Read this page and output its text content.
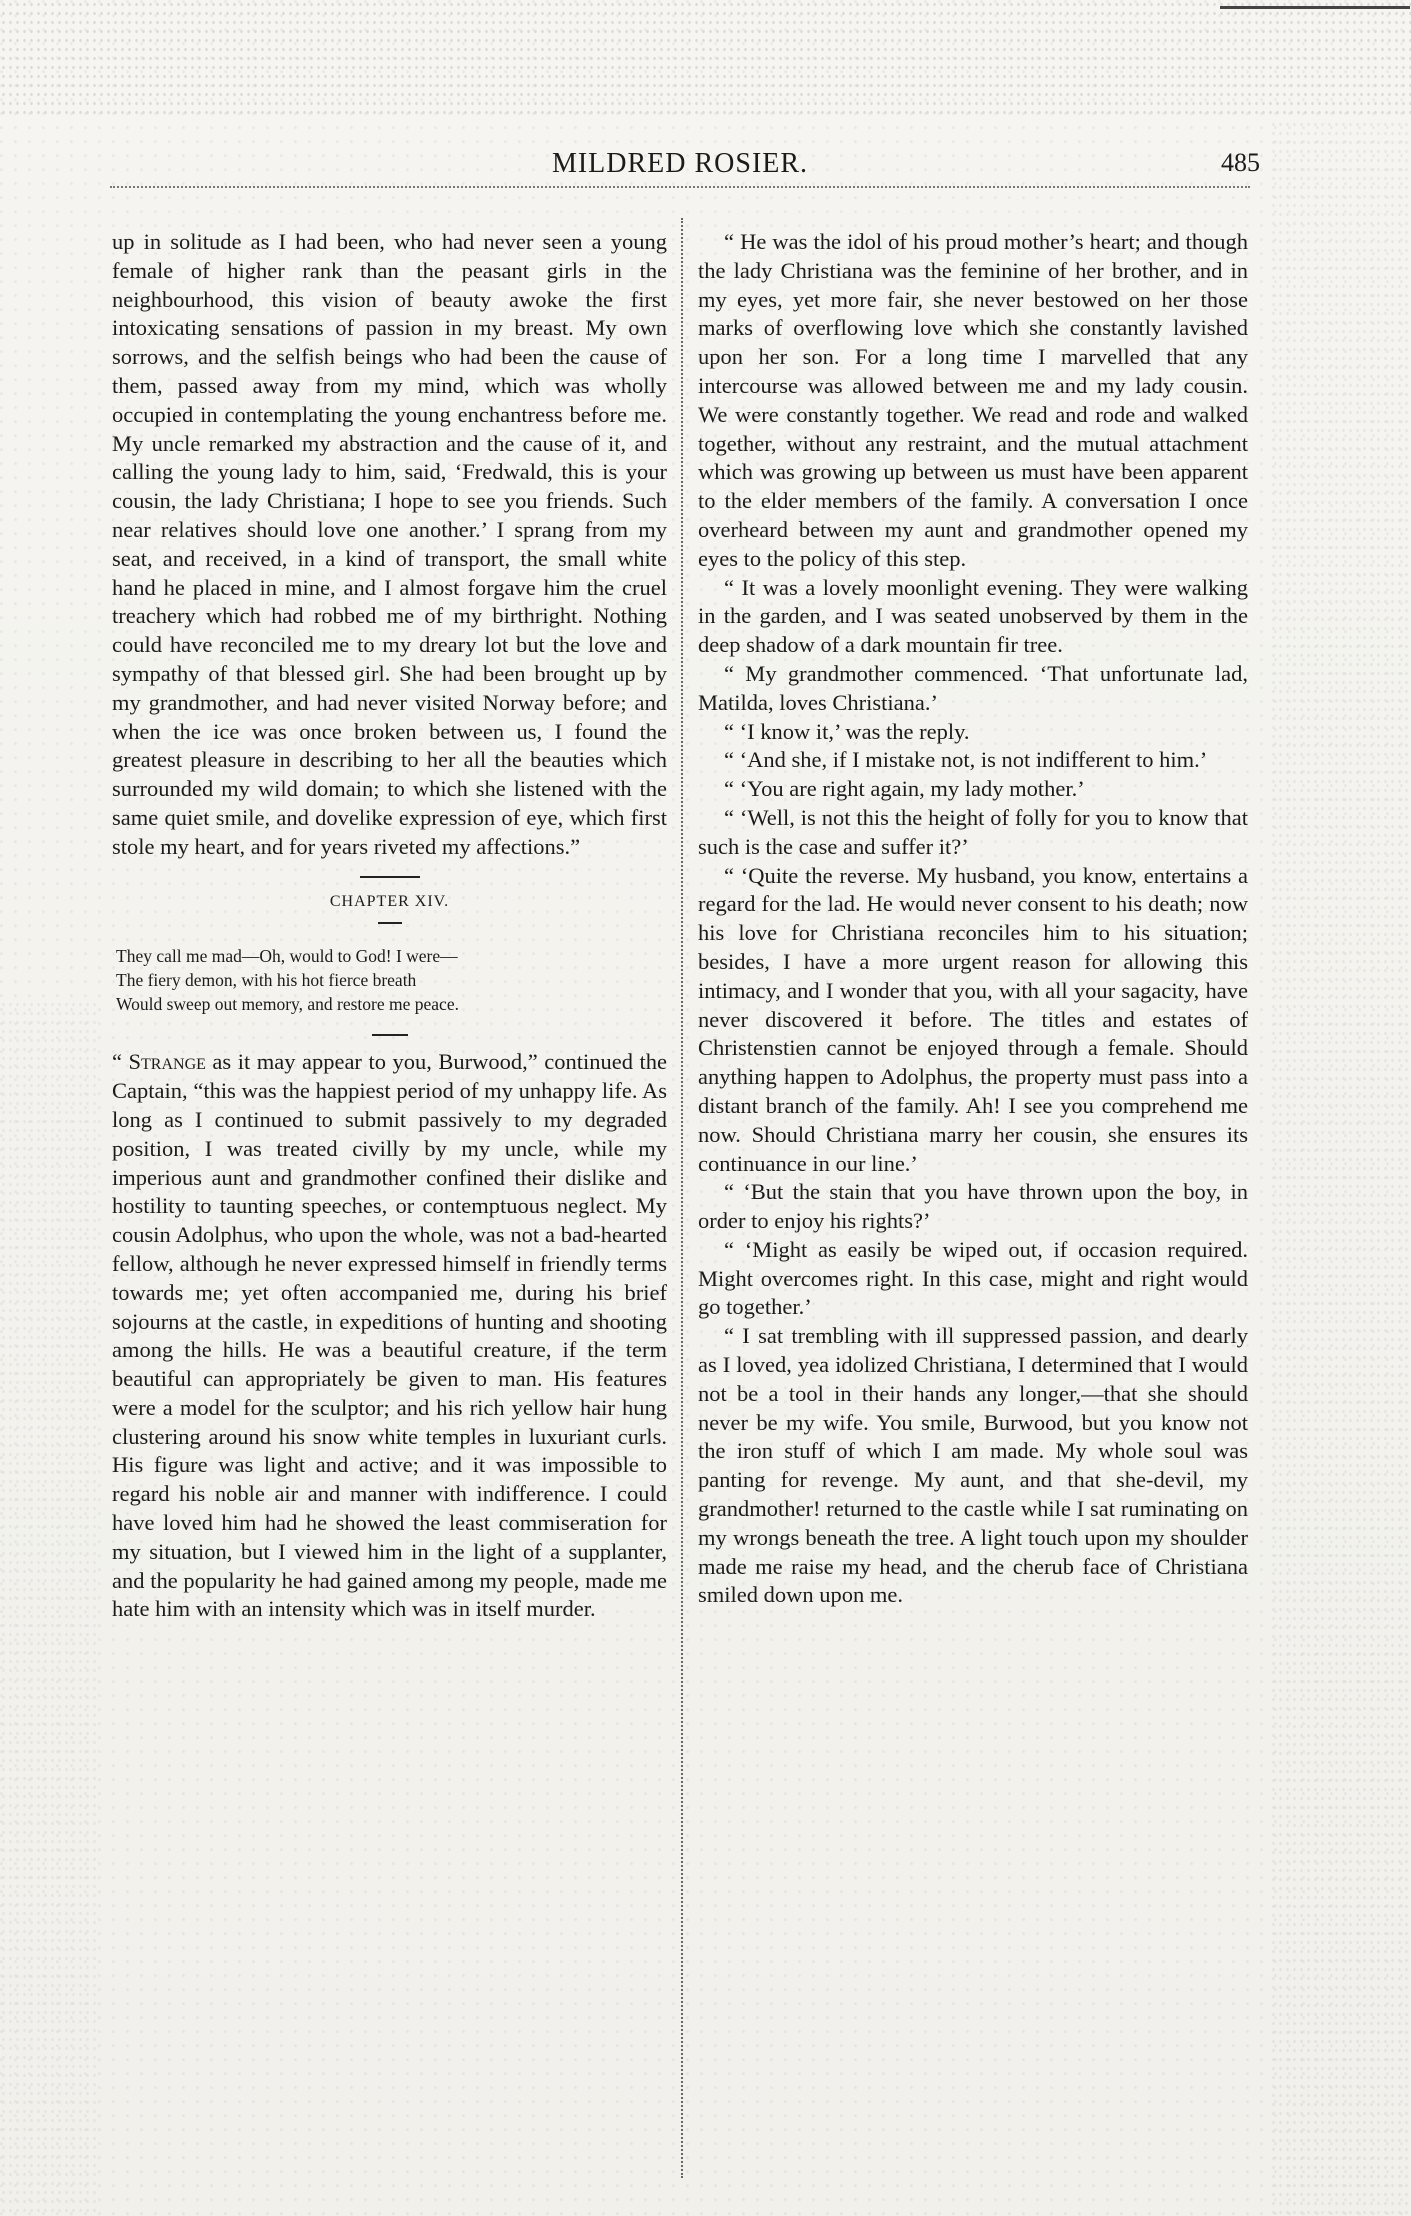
MILDRED ROSIER.	485

up in solitude as I had been, who had never seen a young female of higher rank than the peasant girls in the neighbourhood, this vision of beauty awoke the first intoxicating sensations of passion in my breast. My own sorrows, and the selfish beings who had been the cause of them, passed away from my mind, which was wholly occupied in contemplating the young enchantress before me. My uncle remarked my abstraction and the cause of it, and calling the young lady to him, said, ‘Fredwald, this is your cousin, the lady Christiana; I hope to see you friends. Such near relatives should love one another.’ I sprang from my seat, and received, in a kind of transport, the small white hand he placed in mine, and I almost forgave him the cruel treachery which had robbed me of my birthright. Nothing could have reconciled me to my dreary lot but the love and sympathy of that blessed girl. She had been brought up by my grandmother, and had never visited Norway before; and when the ice was once broken between us, I found the greatest pleasure in describing to her all the beauties which surrounded my wild domain; to which she listened with the same quiet smile, and dovelike expression of eye, which first stole my heart, and for years riveted my affections.”

CHAPTER XIV.
They call me mad—Oh, would to God! I were—
The fiery demon, with his hot fierce breath
Would sweep out memory, and restore me peace.

“ Strange as it may appear to you, Burwood,” continued the Captain, “this was the happiest period of my unhappy life. As long as I continued to submit passively to my degraded position, I was treated civilly by my uncle, while my imperious aunt and grandmother confined their dislike and hostility to taunting speeches, or contemptuous neglect. My cousin Adolphus, who upon the whole, was not a bad-hearted fellow, although he never expressed himself in friendly terms towards me; yet often accompanied me, during his brief sojourns at the castle, in expeditions of hunting and shooting among the hills. He was a beautiful creature, if the term beautiful can appropriately be given to man. His features were a model for the sculptor; and his rich yellow hair hung clustering around his snow white temples in luxuriant curls. His figure was light and active; and it was impossible to regard his noble air and manner with indifference. I could have loved him had he showed the least commiseration for my situation, but I viewed him in the light of a supplanter, and the popularity he had gained among my people, made me hate him with an intensity which was in itself murder.

“ He was the idol of his proud mother’s heart; and though the lady Christiana was the feminine of her brother, and in my eyes, yet more fair, she never bestowed on her those marks of overflowing love which she constantly lavished upon her son. For a long time I marvelled that any intercourse was allowed between me and my lady cousin. We were constantly together. We read and rode and walked together, without any restraint, and the mutual attachment which was growing up between us must have been apparent to the elder members of the family. A conversation I once overheard between my aunt and grandmother opened my eyes to the policy of this step.

“ It was a lovely moonlight evening. They were walking in the garden, and I was seated unobserved by them in the deep shadow of a dark mountain fir tree.

“ My grandmother commenced. ‘That unfortunate lad, Matilda, loves Christiana.’

“ ‘I know it,’ was the reply.

“ ‘And she, if I mistake not, is not indifferent to him.’

“ ‘You are right again, my lady mother.’

“ ‘Well, is not this the height of folly for you to know that such is the case and suffer it?’

“ ‘Quite the reverse. My husband, you know, entertains a regard for the lad. He would never consent to his death; now his love for Christiana reconciles him to his situation; besides, I have a more urgent reason for allowing this intimacy, and I wonder that you, with all your sagacity, have never discovered it before. The titles and estates of Christenstien cannot be enjoyed through a female. Should anything happen to Adolphus, the property must pass into a distant branch of the family. Ah! I see you comprehend me now. Should Christiana marry her cousin, she ensures its continuance in our line.’

“ ‘But the stain that you have thrown upon the boy, in order to enjoy his rights?’

“ ‘Might as easily be wiped out, if occasion required. Might overcomes right. In this case, might and right would go together.’

“ I sat trembling with ill suppressed passion, and dearly as I loved, yea idolized Christiana, I determined that I would not be a tool in their hands any longer,—that she should never be my wife. You smile, Burwood, but you know not the iron stuff of which I am made. My whole soul was panting for revenge. My aunt, and that she-devil, my grandmother! returned to the castle while I sat ruminating on my wrongs beneath the tree. A light touch upon my shoulder made me raise my head, and the cherub face of Christiana smiled down upon me.
